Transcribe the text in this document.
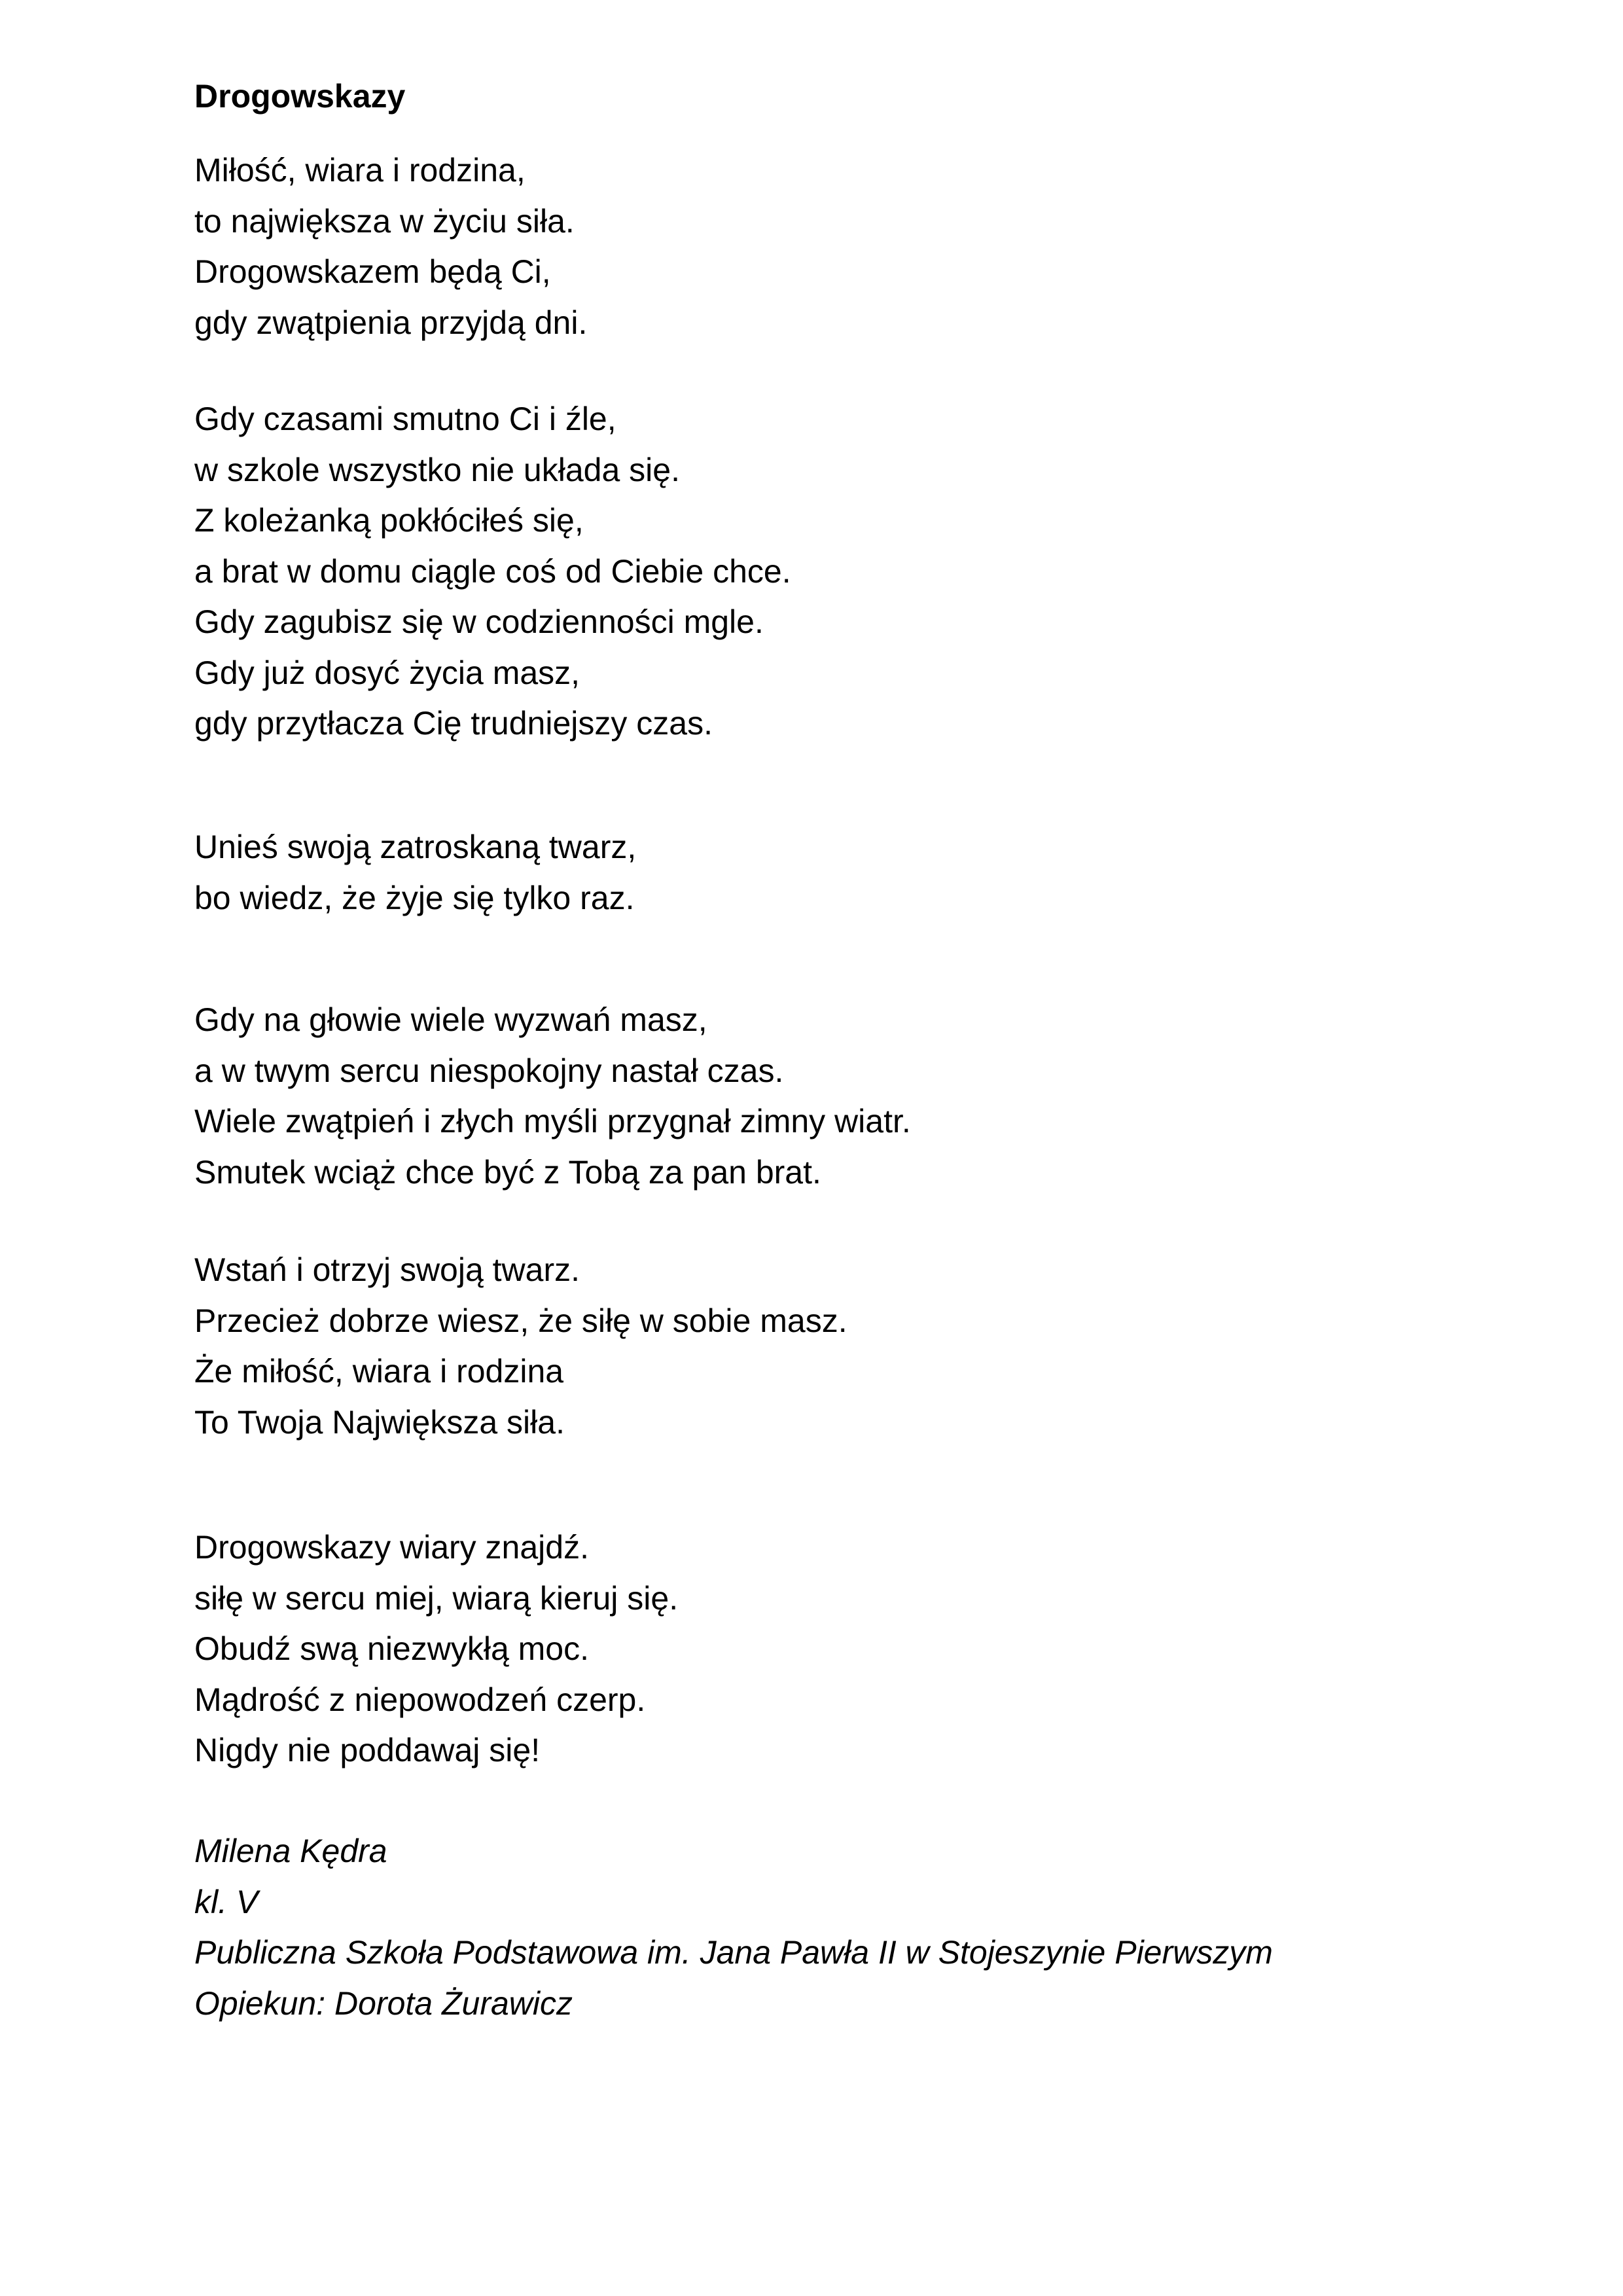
Drogowskazy

Miłość, wiara i rodzina,
to największa w życiu siła.
Drogowskazem będą Ci,
gdy zwątpienia przyjdą dni.

Gdy czasami smutno Ci i źle,
w szkole wszystko nie układa się.
Z koleżanką pokłóciłeś się,
a brat w domu ciągle coś od Ciebie chce.
Gdy zagubisz się w codzienności mgle.
Gdy już dosyć życia masz,
gdy przytłacza Cię trudniejszy czas.

Unieś swoją zatroskaną twarz,
bo wiedz, że żyje się tylko raz.

Gdy na głowie wiele wyzwań masz,
a w twym sercu niespokojny nastał czas.
Wiele zwątpień i złych myśli przygnał zimny wiatr.
Smutek wciąż chce być z Tobą za pan brat.

Wstań i otrzyj swoją twarz.
Przecież dobrze wiesz, że siłę w sobie masz.
Że miłość, wiara i rodzina
To Twoja Największa siła.

Drogowskazy wiary znajdź.
siłę w sercu miej, wiarą kieruj się.
Obudź swą niezwykłą moc.
Mądrość z niepowodzeń czerp.
Nigdy nie poddawaj się!

Milena Kędra
kl. V
Publiczna Szkoła Podstawowa im. Jana Pawła II w Stojeszynie Pierwszym
Opiekun: Dorota Żurawicz
